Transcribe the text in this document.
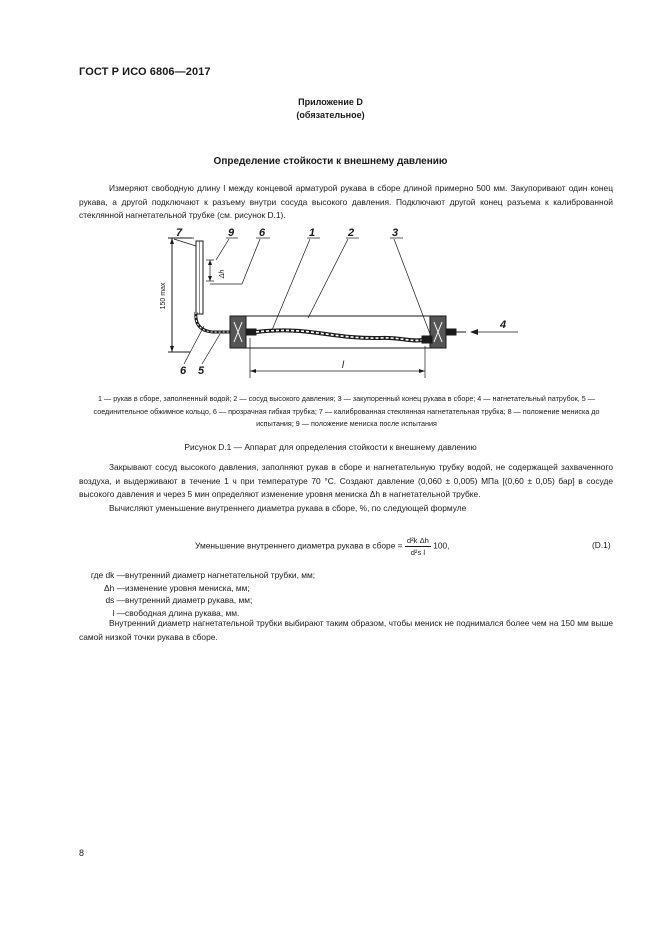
ГОСТ Р ИСО 6806—2017
Приложение D
(обязательное)
Определение стойкости к внешнему давлению

Измеряют свободную длину l между концевой арматурой рукава в сборе длиной примерно 500 мм. Закупоривают один конец рукава, а другой подключают к разъему внутри сосуда высокого давления. Подключают другой конец разъема к калиброванной стеклянной нагнетательной трубке (см. рисунок D.1).

7	9 6	1	2	3
4
6 5
150 max
Δh
l
1 — рукав в сборе, заполненный водой; 2 — сосуд высокого давления; 3 — закупоренный конец рукава в сборе; 4 — нагнетательный патрубок, 5 — соединительное обжимное кольцо, 6 — прозрачная гибкая трубка; 7 — калиброванная стеклянная нагнетательная трубка; 8 — положение мениска до испытания; 9 — положение мениска после испытания
Рисунок D.1 — Аппарат для определения стойкости к внешнему давлению

Закрывают сосуд высокого давления, заполняют рукав в сборе и нагнетательную трубку водой, не содержащей захваченного воздуха, и выдерживают в течение 1 ч при температуре 70 °C. Создают давление (0,060 ± 0,005) МПа [(0,60 ± 0,05) бар] в сосуде высокого давления и через 5 мин определяют изменение уровня мениска Δh в нагнетательной трубке.

Вычисляют уменьшение внутреннего диаметра рукава в сборе, %, по следующей формуле

Уменьшение внутреннего диаметра рукава в сборе = $\frac{\text{d²k Δh}}{\text{d²s l}} 100$,	(D.1)
где dk — внутренний диаметр нагнетательной трубки, мм;
Δh — изменение уровня мениска, мм;
ds — внутренний диаметр рукава, мм;
l — свободная длина рукава, мм.

Внутренний диаметр нагнетательной трубки выбирают таким образом, чтобы мениск не поднимался более чем на 150 мм выше самой низкой точки рукава в сборе.

8
